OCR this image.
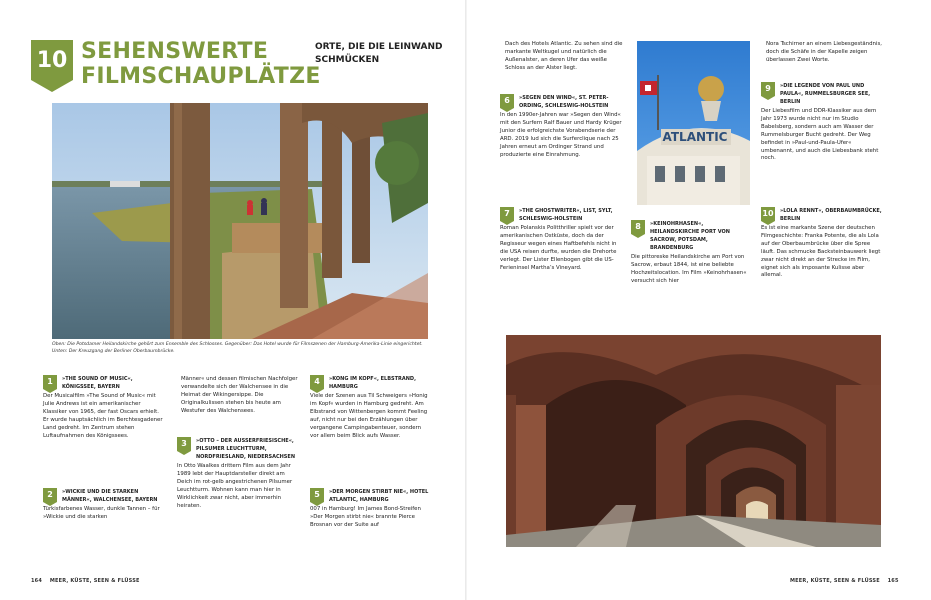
10 SEHENSWERTE FILMSCHAUPLÄTZE
ORTE, DIE DIE LEINWAND SCHMÜCKEN
Oben: Die Potsdamer Heilandskirche gehört zum Ensemble des Schlosses. Gegenüber: Das Hotel wurde für Filmszenen der Hamburg-Amerika-Linie eingerichtet. Unten: Der Kreuzgang der Berliner Oberbaumbrücke.
1	»THE SOUND OF MUSIC«, KÖNIGSSEE, BAYERN
Der Musicalfilm »The Sound of Music« mit Julie Andrews ist ein amerikanischer Klassiker von 1965, der fast Oscars erhielt. Er wurde hauptsächlich im Berchtesgadener Land gedreht. Im Zentrum stehen Luftaufnahmen des Königssees.
2	»WICKIE UND DIE STARKEN MÄNNER«, WALCHENSEE, BAYERN
Türkisfarbenes Wasser, dunkle Tannen – für »Wickie und die starken
Männer« und dessen filmischen Nachfolger verwandelte sich der Walchensee in die Heimat der Wikingersippe. Die Originalkulissen stehen bis heute am Westufer des Walchensees.
3	»OTTO – DER AUSSERFRIESISCHE«, PILSUMER LEUCHTTURM, NORDFRIESLAND, NIEDERSACHSEN
In Otto Waalkes drittem Film aus dem Jahr 1989 lebt der Hauptdarsteller direkt am Deich im rot-gelb angestrichenen Pilsumer Leuchtturm. Wohnen kann man hier in Wirklichkeit zwar nicht, aber immerhin heiraten.
4	»KONG IM KOPF«, ELBSTRAND, HAMBURG
Viele der Szenen aus Til Schweigers »Honig im Kopf« wurden in Hamburg gedreht. Am Elbstrand von Wittenbergen kommt Feeling auf, nicht nur bei den Erzählungen über vergangene Campingabenteuer, sondern vor allem beim Blick aufs Wasser.
5	»DER MORGEN STIRBT NIE«, HOTEL ATLANTIC, HAMBURG
007 in Hamburg! Im James Bond-Streifen »Der Morgen stirbt nie« brannte Pierce Brosnan vor der Suite auf
Dach des Hotels Atlantic. Zu sehen sind die markante Weltkugel und natürlich die Außenalster, an deren Ufer das weiße Schloss an der Alster liegt.
6	»SEGEN DEN WIND«, ST. PETER-ORDING, SCHLESWIG-HOLSTEIN
In den 1990er-Jahren war »Segen den Wind« mit den Surfern Ralf Bauer und Hardy Krüger Junior die erfolgreichste Vorabendserie der ARD. 2019 lud sich die Surferclique nach 25 Jahren erneut am Ordinger Strand und produzierte eine Einrahmung.
7	»THE GHOSTWRITER«, LIST, SYLT, SCHLESWIG-HOLSTEIN
Roman Polanskis Politthriller spielt vor der amerikanischen Ostküste, doch da der Regisseur wegen eines Haftbefehls nicht in die USA reisen durfte, wurden die Drehorte verlegt. Der Lister Ellenbogen gibt die US-Ferieninsel Martha’s Vineyard.
ATLANTIC
8	»KEINOHRHASEN«, HEILANDSKIRCHE PORT VON SACROW, POTSDAM, BRANDENBURG
Die pittoreske Heilandskirche am Port von Sacrow, erbaut 1844, ist eine beliebte Hochzeitslocation. Im Film »Keinohrhasen« versucht sich hier
Nora Tschirner an einem Liebesgeständnis, doch die Schäfe in der Kapelle zeigen überlassen Zwei Worte.
9	»DIE LEGENDE VON PAUL UND PAULA«, RUMMELSBURGER SEE, BERLIN
Der Liebesfilm und DDR-Klassiker aus dem Jahr 1973 wurde nicht nur im Studio Babelsberg, sondern auch am Wasser der Rummelsburger Bucht gedreht. Der Weg befindet in »Paul-und-Paula-Ufer« umbenannt, und auch die Liebesbank steht noch.
10 »LOLA RENNT«, OBERBAUMBRÜCKE, BERLIN
Es ist eine markante Szene der deutschen Filmgeschichte: Franka Potente, die als Lola auf der Oberbaumbrücke über die Spree läuft. Das schmucke Backsteinbauwerk liegt zwar nicht direkt an der Strecke im Film, eignet sich als imposante Kulisse aber allemal.
164 MEER, KÜSTE, SEEN & FLÜSSE	MEER, KÜSTE, SEEN & FLÜSSE 165
